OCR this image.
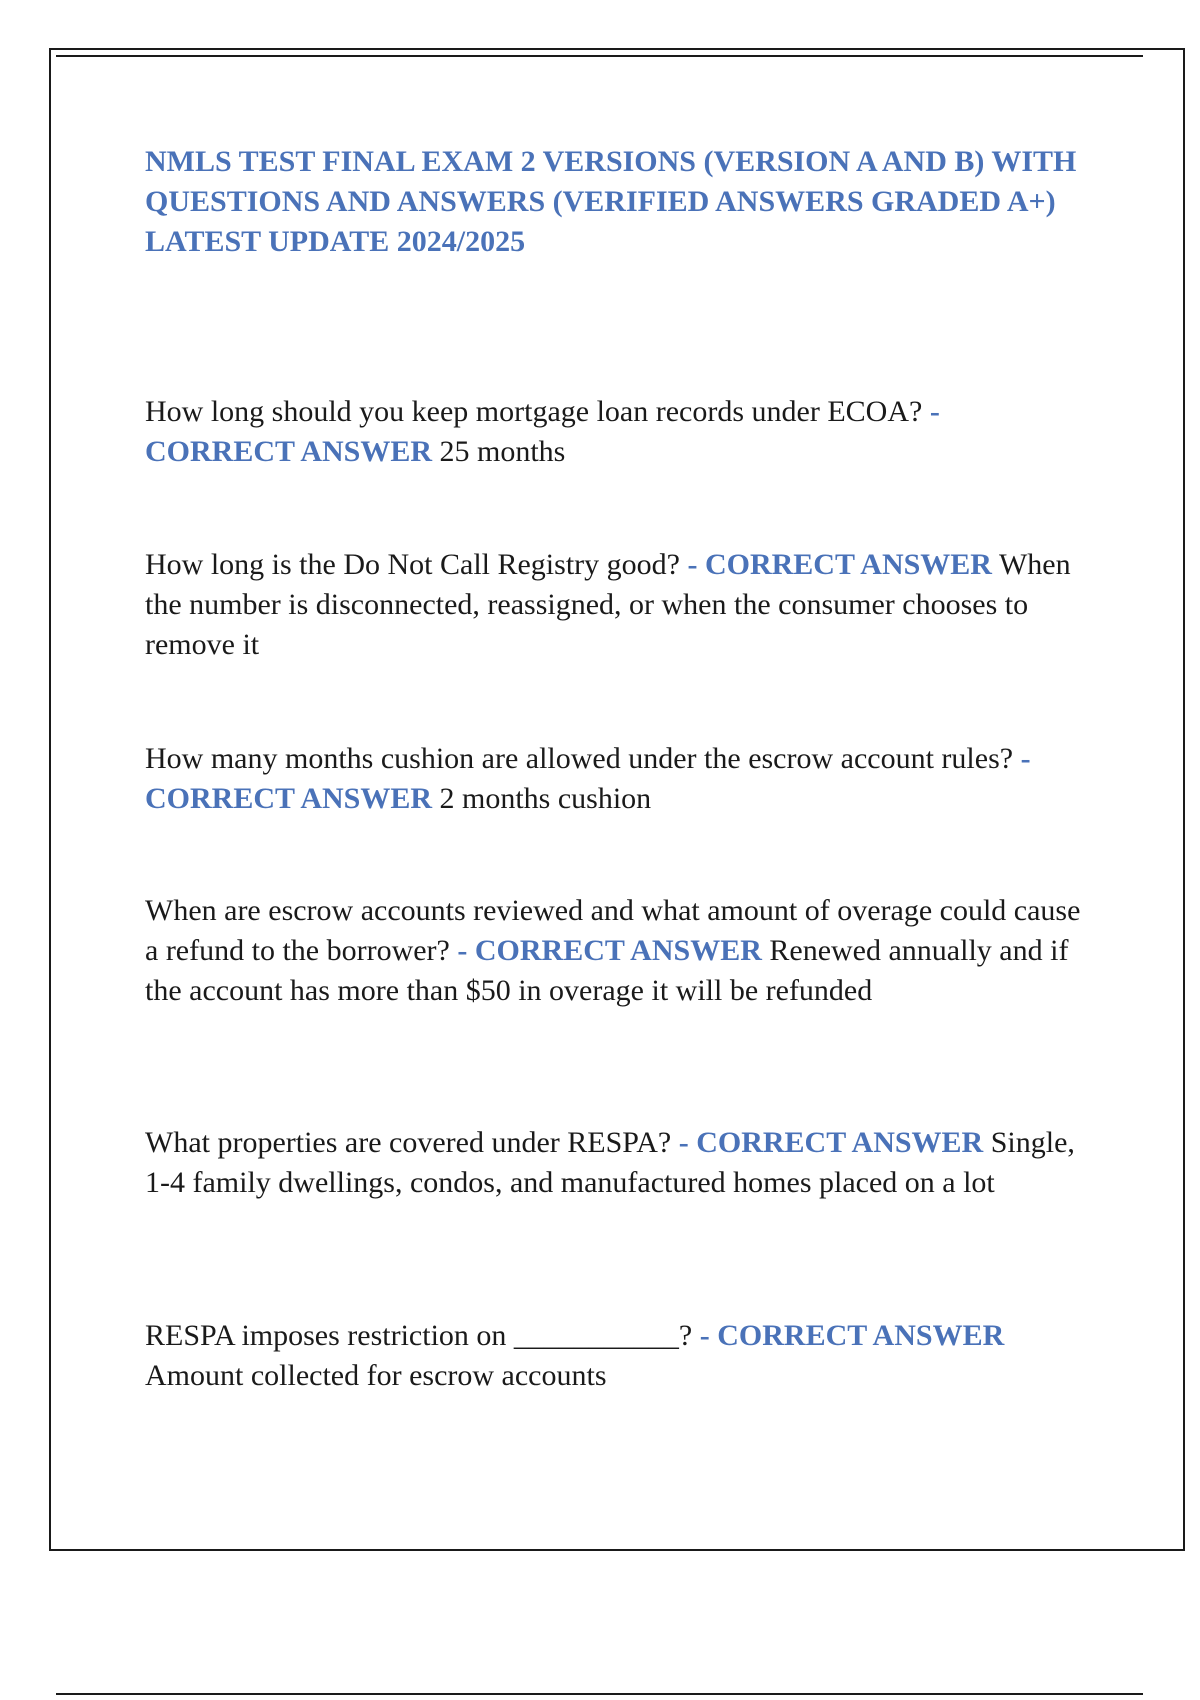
NMLS TEST FINAL EXAM 2 VERSIONS (VERSION A AND B) WITH QUESTIONS AND ANSWERS (VERIFIED ANSWERS GRADED A+) LATEST UPDATE 2024/2025

How long should you keep mortgage loan records under ECOA? - CORRECT ANSWER 25 months

How long is the Do Not Call Registry good? - CORRECT ANSWER When the number is disconnected, reassigned, or when the consumer chooses to remove it

How many months cushion are allowed under the escrow account rules? - CORRECT ANSWER 2 months cushion

When are escrow accounts reviewed and what amount of overage could cause a refund to the borrower? - CORRECT ANSWER Renewed annually and if the account has more than $50 in overage it will be refunded

What properties are covered under RESPA? - CORRECT ANSWER Single, 1-4 family dwellings, condos, and manufactured homes placed on a lot

RESPA imposes restriction on ___________? - CORRECT ANSWER Amount collected for escrow accounts
